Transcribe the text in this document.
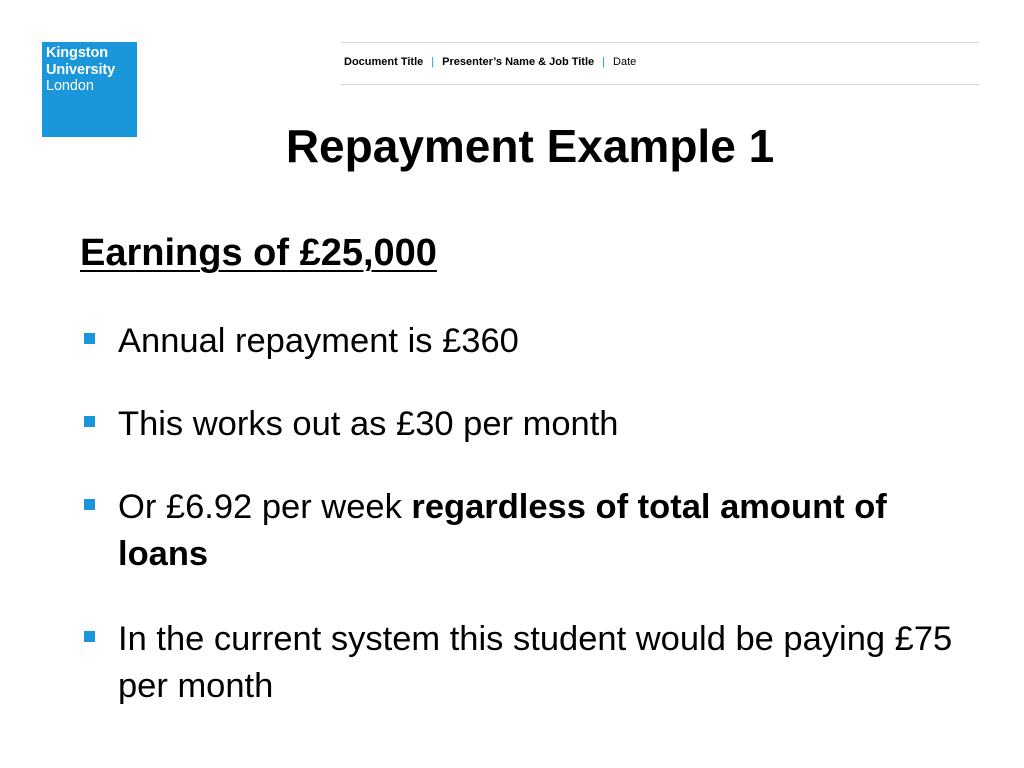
Kingston
University
London
Document Title | Presenter’s Name & Job Title | Date
Repayment Example 1
Earnings of £25,000
Annual repayment is £360
This works out as £30 per month
Or £6.92 per week regardless of total amount of loans
In the current system this student would be paying £75 per month
